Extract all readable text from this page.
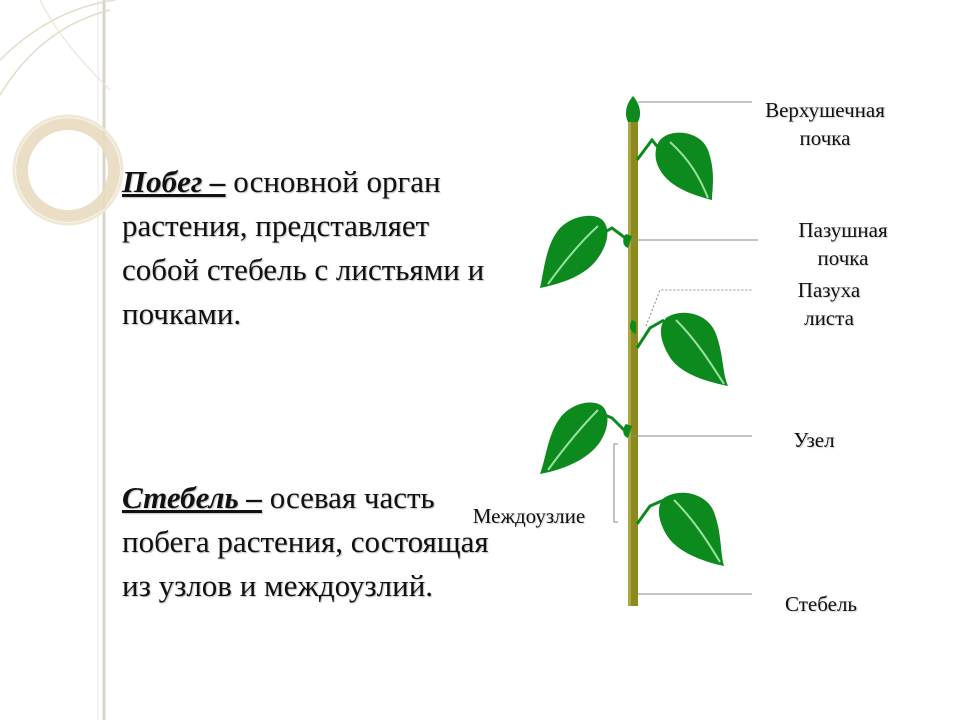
Побег – основной орган растения, представляет собой стебель с листьями и почками.
Стебель – осевая часть побега растения, состоящая из узлов и междоузлий.
Верхушечная
почка
Пазушная
почка
Пазуха
листа
Узел
Междоузлие
Стебель
